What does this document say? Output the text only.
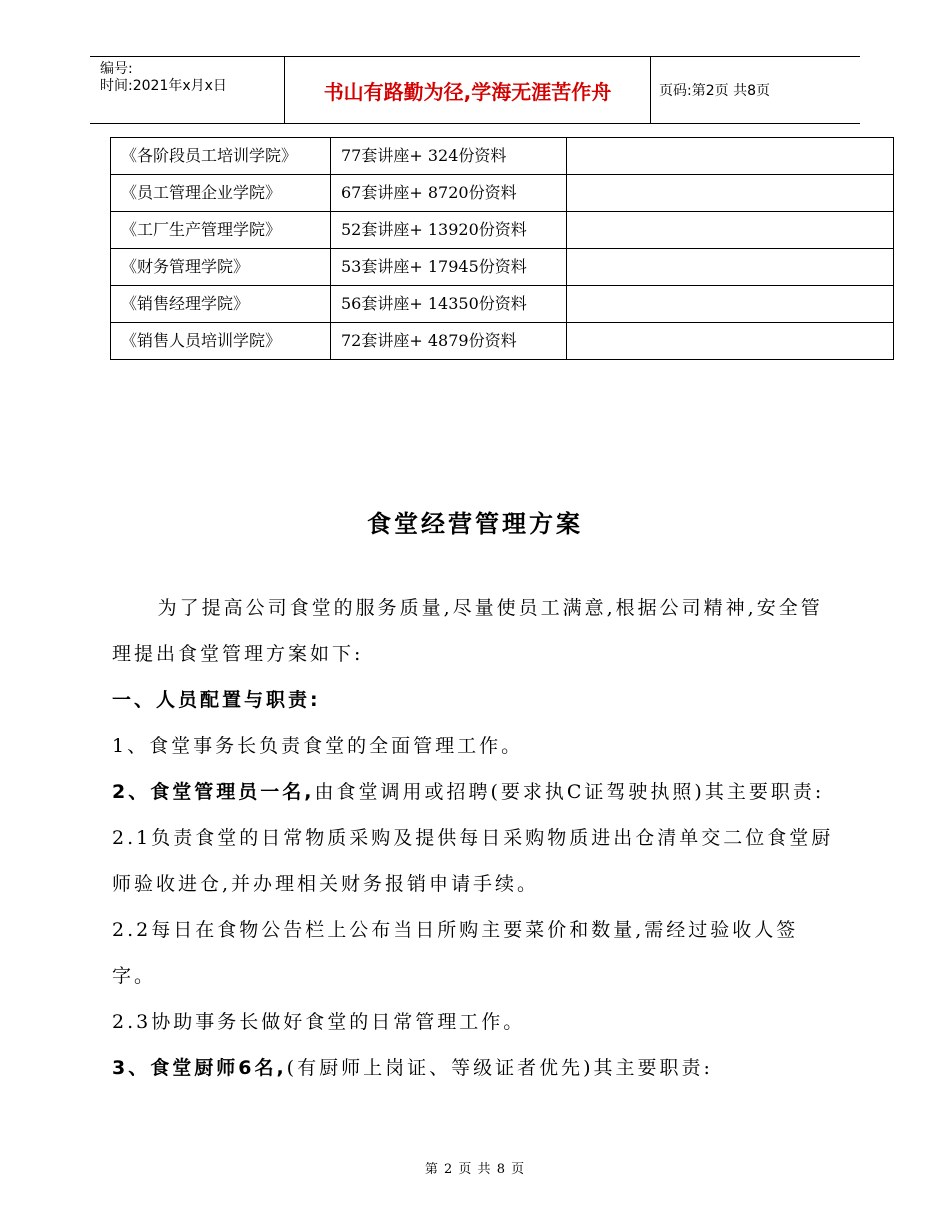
编号:
时间:2021年x月x日	书山有路勤为径,学海无涯苦作舟	页码:第2页 共8页
《各阶段员工培训学院》	77套讲座+ 324份资料	
《员工管理企业学院》	67套讲座+ 8720份资料	
《工厂生产管理学院》	52套讲座+ 13920份资料	
《财务管理学院》	53套讲座+ 17945份资料	
《销售经理学院》	56套讲座+ 14350份资料	
《销售人员培训学院》	72套讲座+ 4879份资料	
食堂经营管理方案

为了提高公司食堂的服务质量,尽量使员工满意,根据公司精神,安全管理提出食堂管理方案如下:

一、人员配置与职责:

1、食堂事务长负责食堂的全面管理工作。

2、食堂管理员一名,由食堂调用或招聘(要求执C证驾驶执照)其主要职责:

2.1负责食堂的日常物质采购及提供每日采购物质进出仓清单交二位食堂厨师验收进仓,并办理相关财务报销申请手续。

2.2每日在食物公告栏上公布当日所购主要菜价和数量,需经过验收人签字。

2.3协助事务长做好食堂的日常管理工作。

3、食堂厨师6名,(有厨师上岗证、等级证者优先)其主要职责:

第 2 页 共 8 页
